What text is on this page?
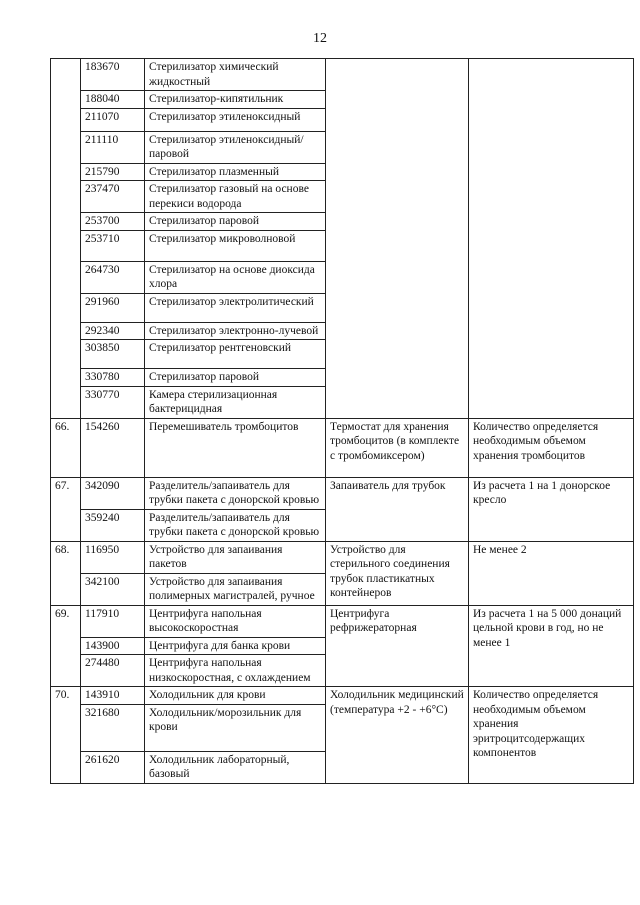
12
	183670	Стерилизатор химический жидкостный		
	188040	Стерилизатор-кипятильник		
	211070	Стерилизатор этиленоксидный		
	211110	Стерилизатор этиленоксидный/паровой		
	215790	Стерилизатор плазменный		
	237470	Стерилизатор газовый на основе перекиси водорода		
	253700	Стерилизатор паровой		
	253710	Стерилизатор микроволновой		
	264730	Стерилизатор на основе диоксида хлора		
	291960	Стерилизатор электролитический		
	292340	Стерилизатор электронно-лучевой		
	303850	Стерилизатор рентгеновский		
	330780	Стерилизатор паровой		
	330770	Камера стерилизационная бактерицидная		
66.	154260	Перемешиватель тромбоцитов	Термостат для хранения тромбоцитов (в комплекте с тромбомиксером)	Количество определяется необходимым объемом хранения тромбоцитов
67.	342090	Разделитель/запаиватель для трубки пакета с донорской кровью	Запаиватель для трубок	Из расчета 1 на 1 донорское кресло
	359240	Разделитель/запаиватель для трубки пакета с донорской кровью		
68.	116950	Устройство для запаивания пакетов	Устройство для стерильного соединения трубок пластикатных контейнеров	Не менее 2
	342100	Устройство для запаивания полимерных магистралей, ручное		
69.	117910	Центрифуга напольная высокоскоростная	Центрифуга рефрижераторная	Из расчета 1 на 5 000 донаций цельной крови в год, но не менее 1
	143900	Центрифуга для банка крови		
	274480	Центрифуга напольная низкоскоростная, с охлаждением		
70.	143910	Холодильник для крови	Холодильник медицинский (температура +2 - +6°С)	Количество определяется необходимым объемом хранения эритроцитсодержащих компонентов
	321680	Холодильник/морозильник для крови		
	261620	Холодильник лабораторный, базовый		
